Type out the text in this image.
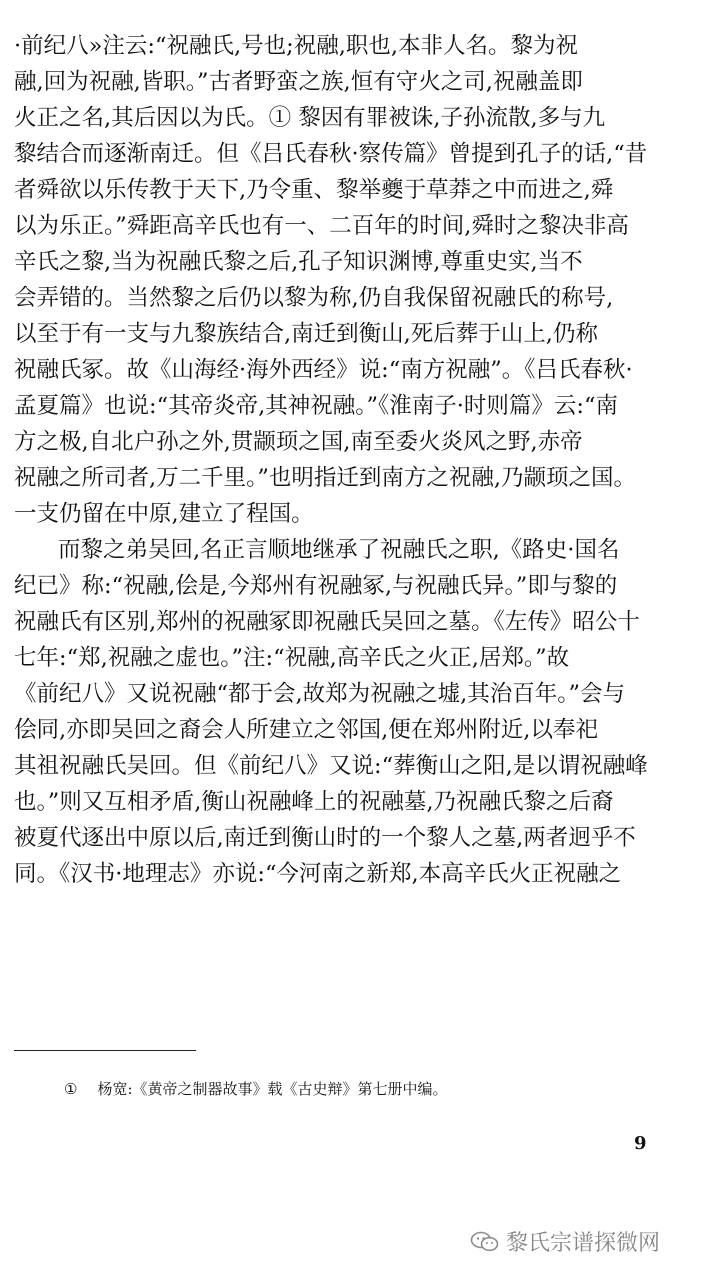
·前纪八»注云:“祝融氏,号也;祝融,职也,本非人名。黎为祝
融,回为祝融,皆职。”古者野蛮之族,恒有守火之司,祝融盖即
火正之名,其后因以为氏。① 黎因有罪被诛,子孙流散,多与九
黎结合而逐渐南迁。但《吕氏春秋·察传篇》曾提到孔子的话,“昔
者舜欲以乐传教于天下,乃令重、黎举夔于草莽之中而进之,舜
以为乐正。”舜距高辛氏也有一、二百年的时间,舜时之黎决非高
辛氏之黎,当为祝融氏黎之后,孔子知识渊博,尊重史实,当不
会弄错的。当然黎之后仍以黎为称,仍自我保留祝融氏的称号,
以至于有一支与九黎族结合,南迁到衡山,死后葬于山上,仍称
祝融氏冢。故《山海经·海外西经》说:“南方祝融”。《吕氏春秋·
孟夏篇》也说:“其帝炎帝,其神祝融。”《淮南子·时则篇》云:“南
方之极,自北户孙之外,贯颛顼之国,南至委火炎风之野,赤帝
祝融之所司者,万二千里。”也明指迁到南方之祝融,乃颛顼之国。
一支仍留在中原,建立了程国。
而黎之弟吴回,名正言顺地继承了祝融氏之职,《路史·国名
纪已》称:“祝融,侩是,今郑州有祝融冢,与祝融氏异。”即与黎的
祝融氏有区别,郑州的祝融冢即祝融氏吴回之墓。《左传》昭公十
七年:“郑,祝融之虚也。”注:“祝融,高辛氏之火正,居郑。”故
《前纪八》又说祝融“都于会,故郑为祝融之墟,其治百年。”会与
侩同,亦即吴回之裔会人所建立之邻国,便在郑州附近,以奉祀
其祖祝融氏吴回。但《前纪八》又说:“葬衡山之阳,是以谓祝融峰
也。”则又互相矛盾,衡山祝融峰上的祝融墓,乃祝融氏黎之后裔
被夏代逐出中原以后,南迁到衡山时的一个黎人之墓,两者迥乎不
同。《汉书·地理志》亦说:“今河南之新郑,本高辛氏火正祝融之
① 杨宽:《黄帝之制器故事》载《古史辩》第七册中编。
9
黎氏宗谱探微网
